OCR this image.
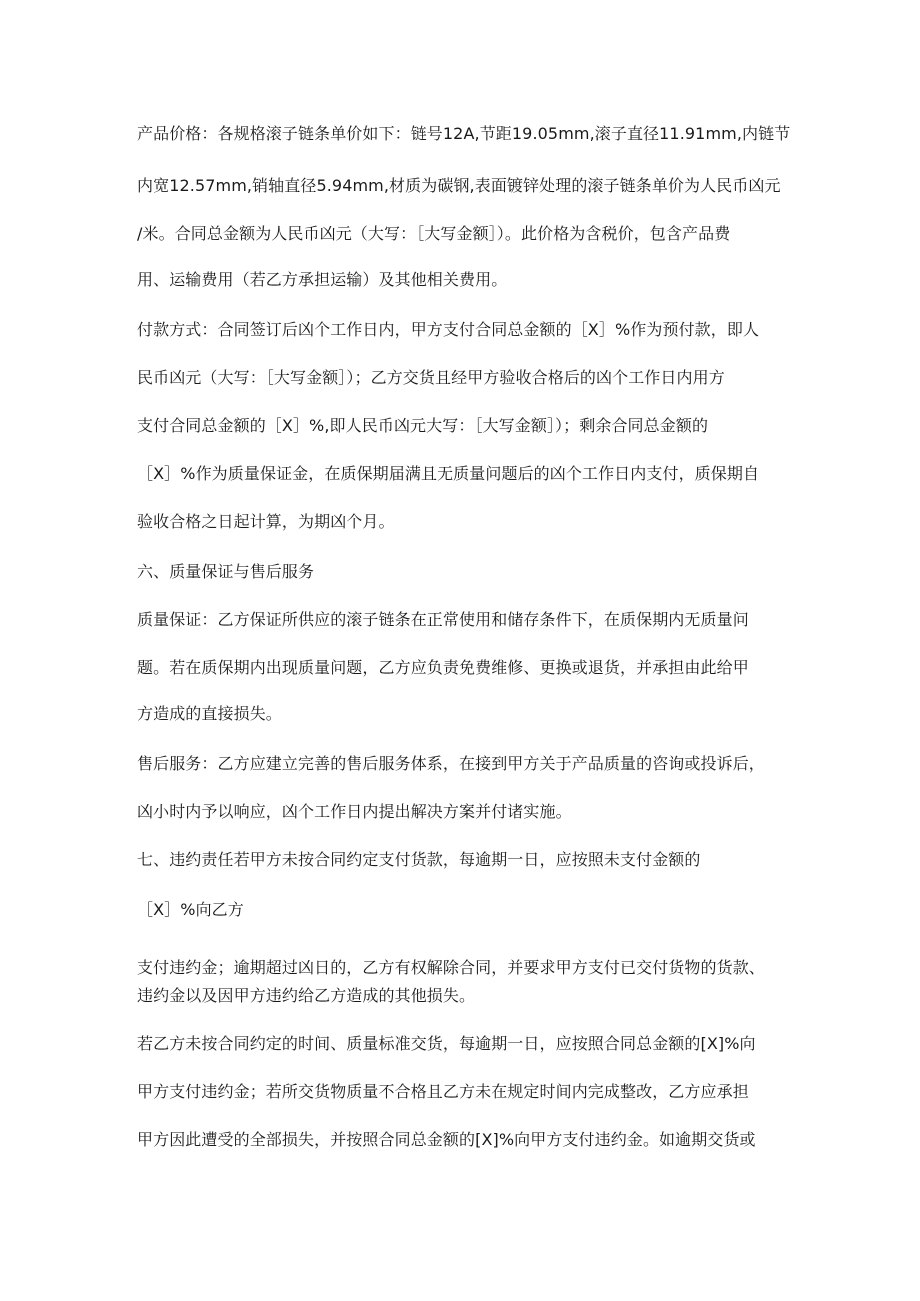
产品价格：各规格滚子链条单价如下：链号12A,节距19.05mm,滚子直径11.91mm,内链节
内宽12.57mm,销轴直径5.94mm,材质为碳钢,表面镀锌处理的滚子链条单价为人民币凶元
/米。合同总金额为人民币凶元（大写：［大写金额］）。此价格为含税价，包含产品费
用、运输费用（若乙方承担运输）及其他相关费用。
付款方式：合同签订后凶个工作日内，甲方支付合同总金额的［X］%作为预付款，即人
民币凶元（大写：［大写金额］）；乙方交货且经甲方验收合格后的凶个工作日内用方
支付合同总金额的［X］%,即人民币凶元大写：［大写金额］）；剩余合同总金额的
［X］%作为质量保证金，在质保期届满且无质量问题后的凶个工作日内支付，质保期自
验收合格之日起计算，为期凶个月。
六、质量保证与售后服务
质量保证：乙方保证所供应的滚子链条在正常使用和储存条件下，在质保期内无质量问
题。若在质保期内出现质量问题，乙方应负责免费维修、更换或退货，并承担由此给甲
方造成的直接损失。
售后服务：乙方应建立完善的售后服务体系，在接到甲方关于产品质量的咨询或投诉后，
凶小时内予以响应，凶个工作日内提出解决方案并付诸实施。
七、违约责任若甲方未按合同约定支付货款，每逾期一日，应按照未支付金额的
［X］%向乙方
支付违约金；逾期超过凶日的，乙方有权解除合同，并要求甲方支付已交付货物的货款、
违约金以及因甲方违约给乙方造成的其他损失。
若乙方未按合同约定的时间、质量标准交货，每逾期一日，应按照合同总金额的[X]%向
甲方支付违约金；若所交货物质量不合格且乙方未在规定时间内完成整改，乙方应承担
甲方因此遭受的全部损失，并按照合同总金额的[X]%向甲方支付违约金。如逾期交货或
